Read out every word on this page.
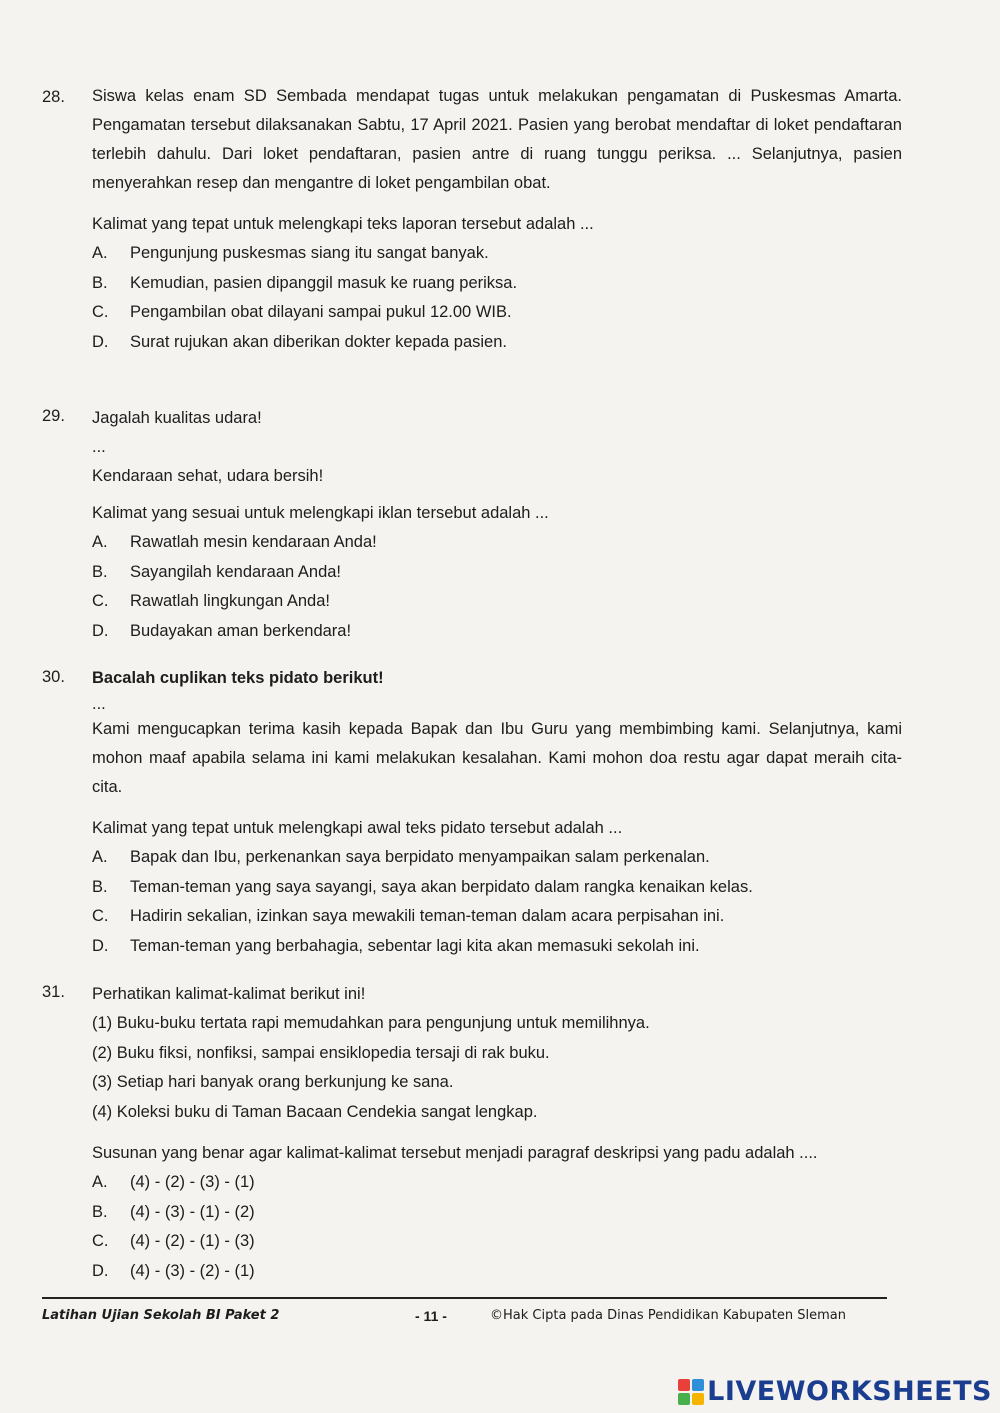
28.	Siswa kelas enam SD Sembada mendapat tugas untuk melakukan pengamatan di Puskesmas Amarta. Pengamatan tersebut dilaksanakan Sabtu, 17 April 2021. Pasien yang berobat mendaftar di loket pendaftaran terlebih dahulu. Dari loket pendaftaran, pasien antre di ruang tunggu periksa. ... Selanjutnya, pasien menyerahkan resep dan mengantre di loket pengambilan obat.

Kalimat yang tepat untuk melengkapi teks laporan tersebut adalah ...

A.	Pengunjung puskesmas siang itu sangat banyak.
B.	Kemudian, pasien dipanggil masuk ke ruang periksa.
C.	Pengambilan obat dilayani sampai pukul 12.00 WIB.
D.	Surat rujukan akan diberikan dokter kepada pasien.
29.	Jagalah kualitas udara!
...
Kendaraan sehat, udara bersih!

Kalimat yang sesuai untuk melengkapi iklan tersebut adalah ...

A.	Rawatlah mesin kendaraan Anda!
B.	Sayangilah kendaraan Anda!
C.	Rawatlah lingkungan Anda!
D.	Budayakan aman berkendara!
30.	Bacalah cuplikan teks pidato berikut!
...

Kami mengucapkan terima kasih kepada Bapak dan Ibu Guru yang membimbing kami. Selanjutnya, kami mohon maaf apabila selama ini kami melakukan kesalahan. Kami mohon doa restu agar dapat meraih cita-cita.

Kalimat yang tepat untuk melengkapi awal teks pidato tersebut adalah ...

A.	Bapak dan Ibu, perkenankan saya berpidato menyampaikan salam perkenalan.
B.	Teman-teman yang saya sayangi, saya akan berpidato dalam rangka kenaikan kelas.
C.	Hadirin sekalian, izinkan saya mewakili teman-teman dalam acara perpisahan ini.
D.	Teman-teman yang berbahagia, sebentar lagi kita akan memasuki sekolah ini.
31.	Perhatikan kalimat-kalimat berikut ini!
(1) Buku-buku tertata rapi memudahkan para pengunjung untuk memilihnya.
(2) Buku fiksi, nonfiksi, sampai ensiklopedia tersaji di rak buku.
(3) Setiap hari banyak orang berkunjung ke sana.
(4) Koleksi buku di Taman Bacaan Cendekia sangat lengkap.

Susunan yang benar agar kalimat-kalimat tersebut menjadi paragraf deskripsi yang padu adalah ....

A.	(4) - (2) - (3) - (1)
B.	(4) - (3) - (1) - (2)
C.	(4) - (2) - (1) - (3)
D.	(4) - (3) - (2) - (1)
Latihan Ujian Sekolah BI Paket 2	- 11 -	©Hak Cipta pada Dinas Pendidikan Kabupaten Sleman
LIVEWORKSHEETS
